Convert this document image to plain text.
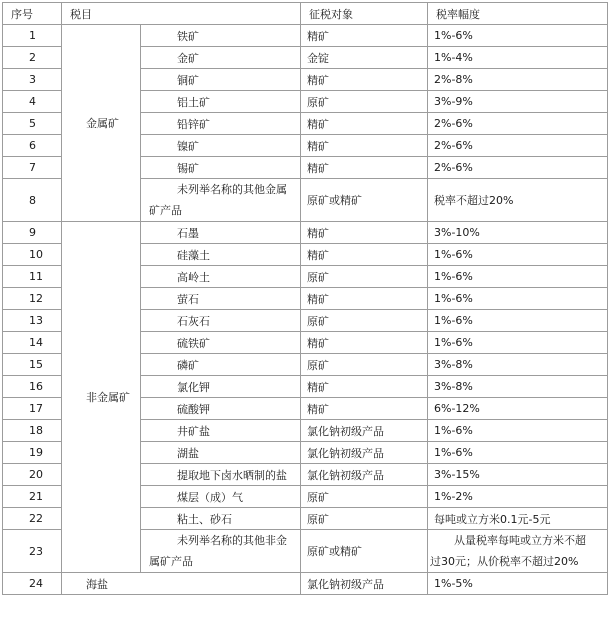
序号	税目		征税对象	税率幅度
1	金属矿	铁矿	精矿	1%-6%
2		金矿	金锭	1%-4%
3		铜矿	精矿	2%-8%
4		铝土矿	原矿	3%-9%
5		铅锌矿	精矿	2%-6%
6		镍矿	精矿	2%-6%
7		锡矿	精矿	2%-6%
8		未列举名称的其他金属
矿产品	原矿或精矿	税率不超过20%
9	非金属矿	石墨	精矿	3%-10%
10		硅藻土	精矿	1%-6%
11		高岭土	原矿	1%-6%
12		萤石	精矿	1%-6%
13		石灰石	原矿	1%-6%
14		硫铁矿	精矿	1%-6%
15		磷矿	原矿	3%-8%
16		氯化钾	精矿	3%-8%
17		硫酸钾	精矿	6%-12%
18		井矿盐	氯化钠初级产品	1%-6%
19		湖盐	氯化钠初级产品	1%-6%
20		提取地下卤水晒制的盐	氯化钠初级产品	3%-15%
21		煤层（成）气	原矿	1%-2%
22		粘土、砂石	原矿	每吨或立方米0.1元-5元
23		未列举名称的其他非金
属矿产品	原矿或精矿	从量税率每吨或立方米不超
过30元；从价税率不超过20%

24	海盐		氯化钠初级产品	1%-5%
